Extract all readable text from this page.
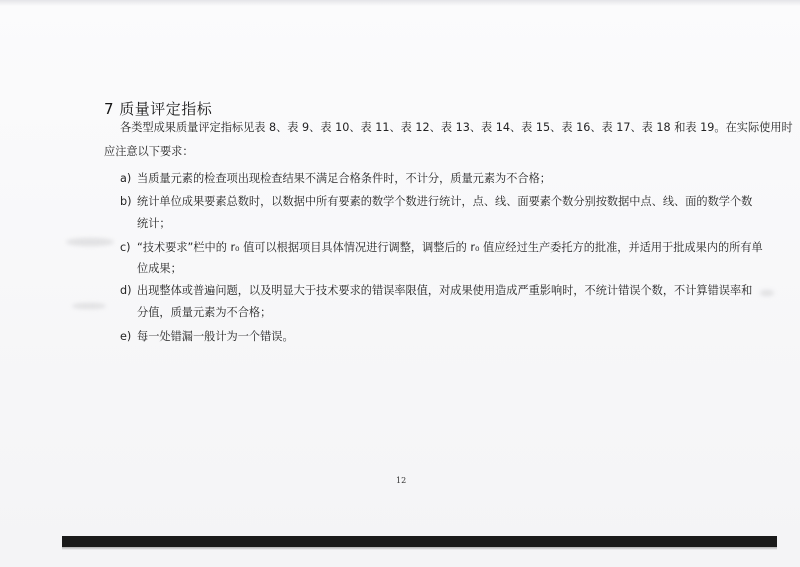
7 质量评定指标
各类型成果质量评定指标见表 8、表 9、表 10、表 11、表 12、表 13、表 14、表 15、表 16、表 17、表 18 和表 19。在实际使用时
应注意以下要求：
a) 当质量元素的检查项出现检查结果不满足合格条件时，不计分，质量元素为不合格；
b) 统计单位成果要素总数时，以数据中所有要素的数学个数进行统计，点、线、面要素个数分别按数据中点、线、面的数学个数
统计；
c) “技术要求”栏中的 r₀ 值可以根据项目具体情况进行调整，调整后的 r₀ 值应经过生产委托方的批准，并适用于批成果内的所有单
位成果；
d) 出现整体或普遍问题，以及明显大于技术要求的错误率限值，对成果使用造成严重影响时，不统计错误个数，不计算错误率和
分值，质量元素为不合格；
e) 每一处错漏一般计为一个错误。
12
